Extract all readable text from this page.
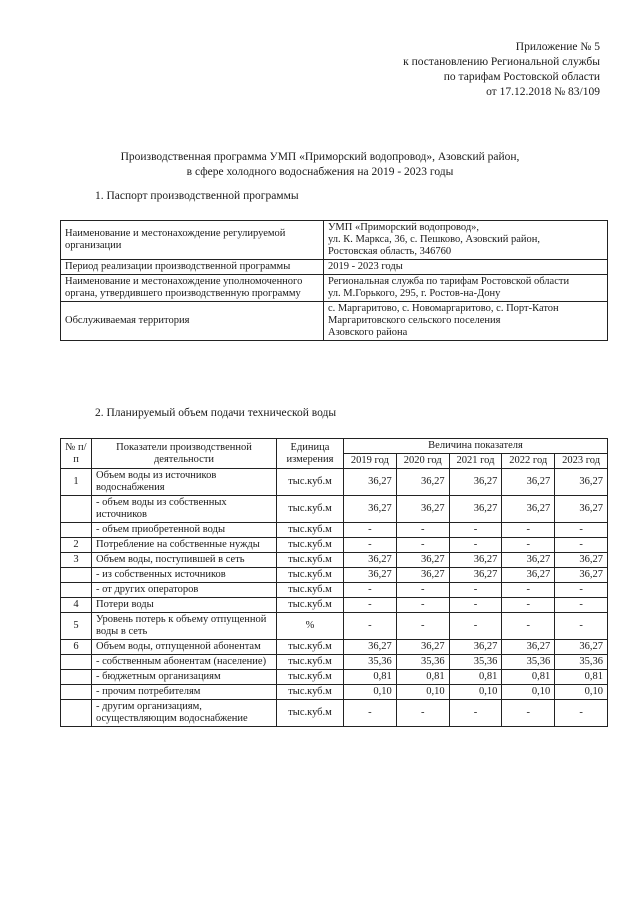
Приложение № 5
к постановлению Региональной службы
по тарифам Ростовской области
от 17.12.2018 № 83/109
Производственная программа УМП «Приморский водопровод», Азовский район,
в сфере холодного водоснабжения на 2019 - 2023 годы
1. Паспорт производственной программы
Наименование и местонахождение регулируемой организации	УМП «Приморский водопровод»,
ул. К. Маркса, 36, с. Пешково, Азовский район,
Ростовская область, 346760

Период реализации производственной программы	2019 - 2023 годы

Наименование и местонахождение уполномоченного органа, утвердившего производственную программу	Региональная служба по тарифам Ростовской области
ул. М.Горького, 295, г. Ростов-на-Дону

Обслуживаемая территория	с. Маргаритово, с. Новомаргаритово, с. Порт-Катон
Маргаритовского сельского поселения
Азовского района
2. Планируемый объем подачи технической воды
№ п/п	Показатели производственной деятельности	Единица измерения	Величина показателя				
			2019 год	2020 год	2021 год	2022 год	2023 год
1	Объем воды из источников водоснабжения	тыс.куб.м	36,27	36,27	36,27	36,27	36,27
	- объем воды из собственных источников	тыс.куб.м	36,27	36,27	36,27	36,27	36,27
	- объем приобретенной воды	тыс.куб.м	-	-	-	-	-
2	Потребление на собственные нужды	тыс.куб.м	-	-	-	-	-
3	Объем воды, поступившей в сеть	тыс.куб.м	36,27	36,27	36,27	36,27	36,27
	- из собственных источников	тыс.куб.м	36,27	36,27	36,27	36,27	36,27
	- от других операторов	тыс.куб.м	-	-	-	-	-
4	Потери воды	тыс.куб.м	-	-	-	-	-
5	Уровень потерь к объему отпущенной воды в сеть	%	-	-	-	-	-
6	Объем воды, отпущенной абонентам	тыс.куб.м	36,27	36,27	36,27	36,27	36,27
	- собственным абонентам (население)	тыс.куб.м	35,36	35,36	35,36	35,36	35,36
	- бюджетным организациям	тыс.куб.м	0,81	0,81	0,81	0,81	0,81
	- прочим потребителям	тыс.куб.м	0,10	0,10	0,10	0,10	0,10
	- другим организациям, осуществляющим водоснабжение	тыс.куб.м	-	-	-	-	-
